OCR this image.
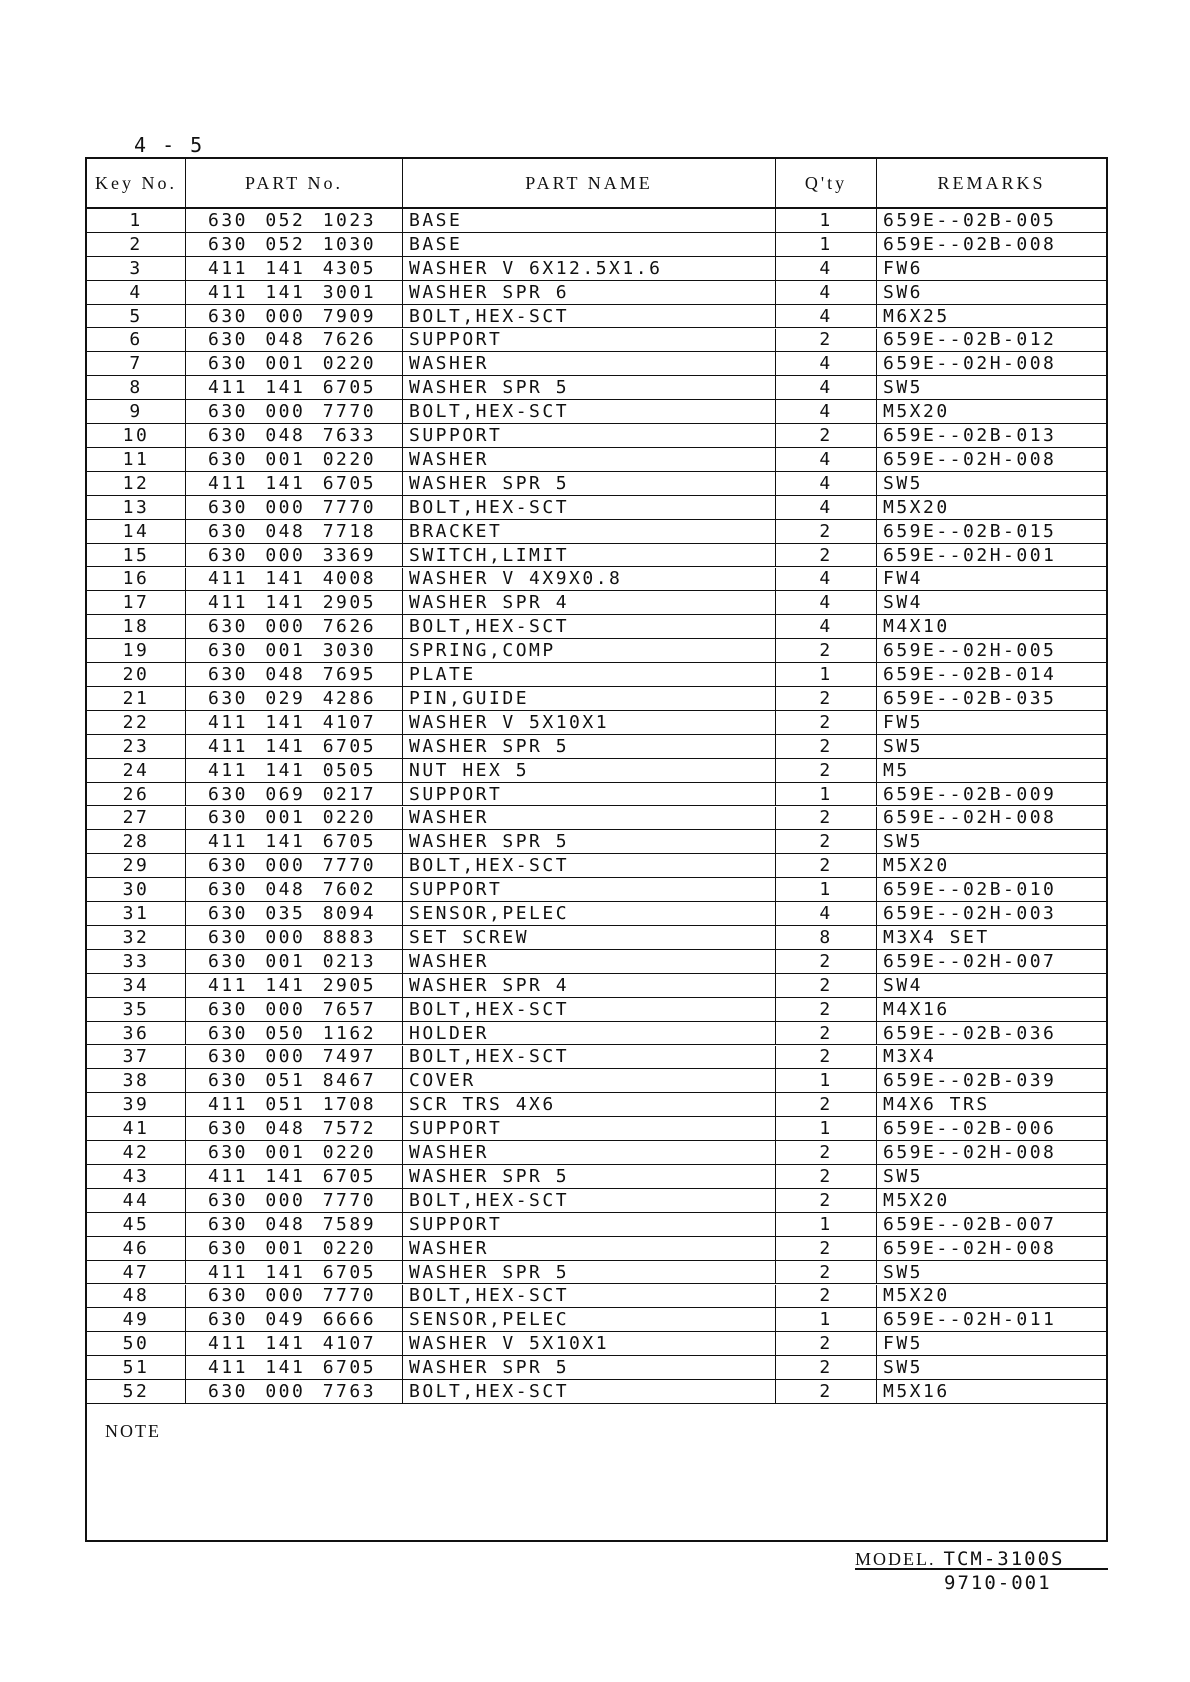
4 - 5
Key No.	PART No.	PART NAME	Q'ty	REMARKS
NOTE
1	630 052 1023	BASE	1	659E--02B-005
2	630 052 1030	BASE	1	659E--02B-008
3	411 141 4305	WASHER V 6X12.5X1.6	4	FW6
4	411 141 3001	WASHER SPR 6	4	SW6
5	630 000 7909	BOLT,HEX-SCT	4	M6X25
6	630 048 7626	SUPPORT	2	659E--02B-012
7	630 001 0220	WASHER	4	659E--02H-008
8	411 141 6705	WASHER SPR 5	4	SW5
9	630 000 7770	BOLT,HEX-SCT	4	M5X20
10	630 048 7633	SUPPORT	2	659E--02B-013
11	630 001 0220	WASHER	4	659E--02H-008
12	411 141 6705	WASHER SPR 5	4	SW5
13	630 000 7770	BOLT,HEX-SCT	4	M5X20
14	630 048 7718	BRACKET	2	659E--02B-015
15	630 000 3369	SWITCH,LIMIT	2	659E--02H-001
16	411 141 4008	WASHER V 4X9X0.8	4	FW4
17	411 141 2905	WASHER SPR 4	4	SW4
18	630 000 7626	BOLT,HEX-SCT	4	M4X10
19	630 001 3030	SPRING,COMP	2	659E--02H-005
20	630 048 7695	PLATE	1	659E--02B-014
21	630 029 4286	PIN,GUIDE	2	659E--02B-035
22	411 141 4107	WASHER V 5X10X1	2	FW5
23	411 141 6705	WASHER SPR 5	2	SW5
24	411 141 0505	NUT HEX 5	2	M5
26	630 069 0217	SUPPORT	1	659E--02B-009
27	630 001 0220	WASHER	2	659E--02H-008
28	411 141 6705	WASHER SPR 5	2	SW5
29	630 000 7770	BOLT,HEX-SCT	2	M5X20
30	630 048 7602	SUPPORT	1	659E--02B-010
31	630 035 8094	SENSOR,PELEC	4	659E--02H-003
32	630 000 8883	SET SCREW	8	M3X4 SET
33	630 001 0213	WASHER	2	659E--02H-007
34	411 141 2905	WASHER SPR 4	2	SW4
35	630 000 7657	BOLT,HEX-SCT	2	M4X16
36	630 050 1162	HOLDER	2	659E--02B-036
37	630 000 7497	BOLT,HEX-SCT	2	M3X4
38	630 051 8467	COVER	1	659E--02B-039
39	411 051 1708	SCR TRS 4X6	2	M4X6 TRS
41	630 048 7572	SUPPORT	1	659E--02B-006
42	630 001 0220	WASHER	2	659E--02H-008
43	411 141 6705	WASHER SPR 5	2	SW5
44	630 000 7770	BOLT,HEX-SCT	2	M5X20
45	630 048 7589	SUPPORT	1	659E--02B-007
46	630 001 0220	WASHER	2	659E--02H-008
47	411 141 6705	WASHER SPR 5	2	SW5
48	630 000 7770	BOLT,HEX-SCT	2	M5X20
49	630 049 6666	SENSOR,PELEC	1	659E--02H-011
50	411 141 4107	WASHER V 5X10X1	2	FW5
51	411 141 6705	WASHER SPR 5	2	SW5
52	630 000 7763	BOLT,HEX-SCT	2	M5X16
MODEL. TCM-3100S
9710-001
